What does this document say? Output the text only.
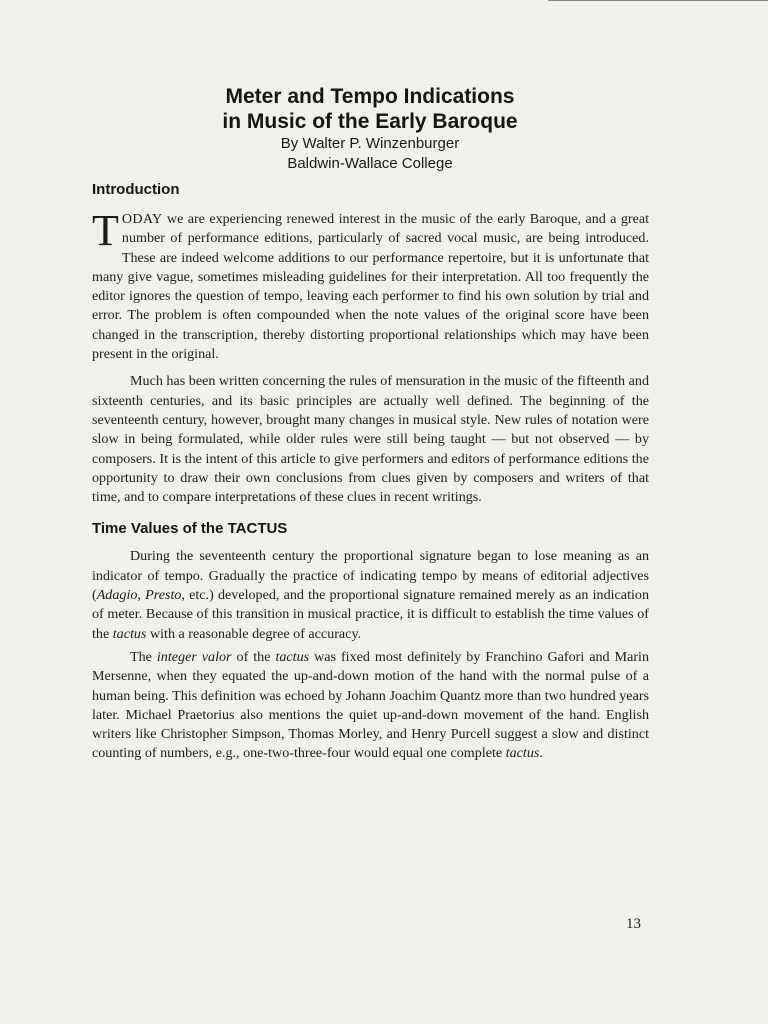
Meter and Tempo Indications
in Music of the Early Baroque
By Walter P. Winzenburger
Baldwin-Wallace College
Introduction

TODAY we are experiencing renewed interest in the music of the early Baroque, and a great number of performance editions, particularly of sacred vocal music, are being introduced. These are indeed welcome additions to our performance repertoire, but it is unfortunate that many give vague, sometimes misleading guidelines for their interpretation. All too frequently the editor ignores the question of tempo, leaving each performer to find his own solution by trial and error. The problem is often compounded when the note values of the original score have been changed in the transcription, thereby distorting proportional relationships which may have been present in the original.

Much has been written concerning the rules of mensuration in the music of the fifteenth and sixteenth centuries, and its basic principles are actually well defined. The beginning of the seventeenth century, however, brought many changes in musical style. New rules of notation were slow in being formulated, while older rules were still being taught — but not observed — by composers. It is the intent of this article to give performers and editors of performance editions the opportunity to draw their own conclusions from clues given by composers and writers of that time, and to compare interpretations of these clues in recent writings.

Time Values of the TACTUS

During the seventeenth century the proportional signature began to lose meaning as an indicator of tempo. Gradually the practice of indicating tempo by means of editorial adjectives (Adagio, Presto, etc.) developed, and the proportional signature remained merely as an indication of meter. Because of this transition in musical practice, it is difficult to establish the time values of the tactus with a reasonable degree of accuracy.

The integer valor of the tactus was fixed most definitely by Franchino Gafori and Marin Mersenne, when they equated the up-and-down motion of the hand with the normal pulse of a human being. This definition was echoed by Johann Joachim Quantz more than two hundred years later. Michael Praetorius also mentions the quiet up-and-down movement of the hand. English writers like Christopher Simpson, Thomas Morley, and Henry Purcell suggest a slow and distinct counting of numbers, e.g., one-two-three-four would equal one complete tactus.

13
